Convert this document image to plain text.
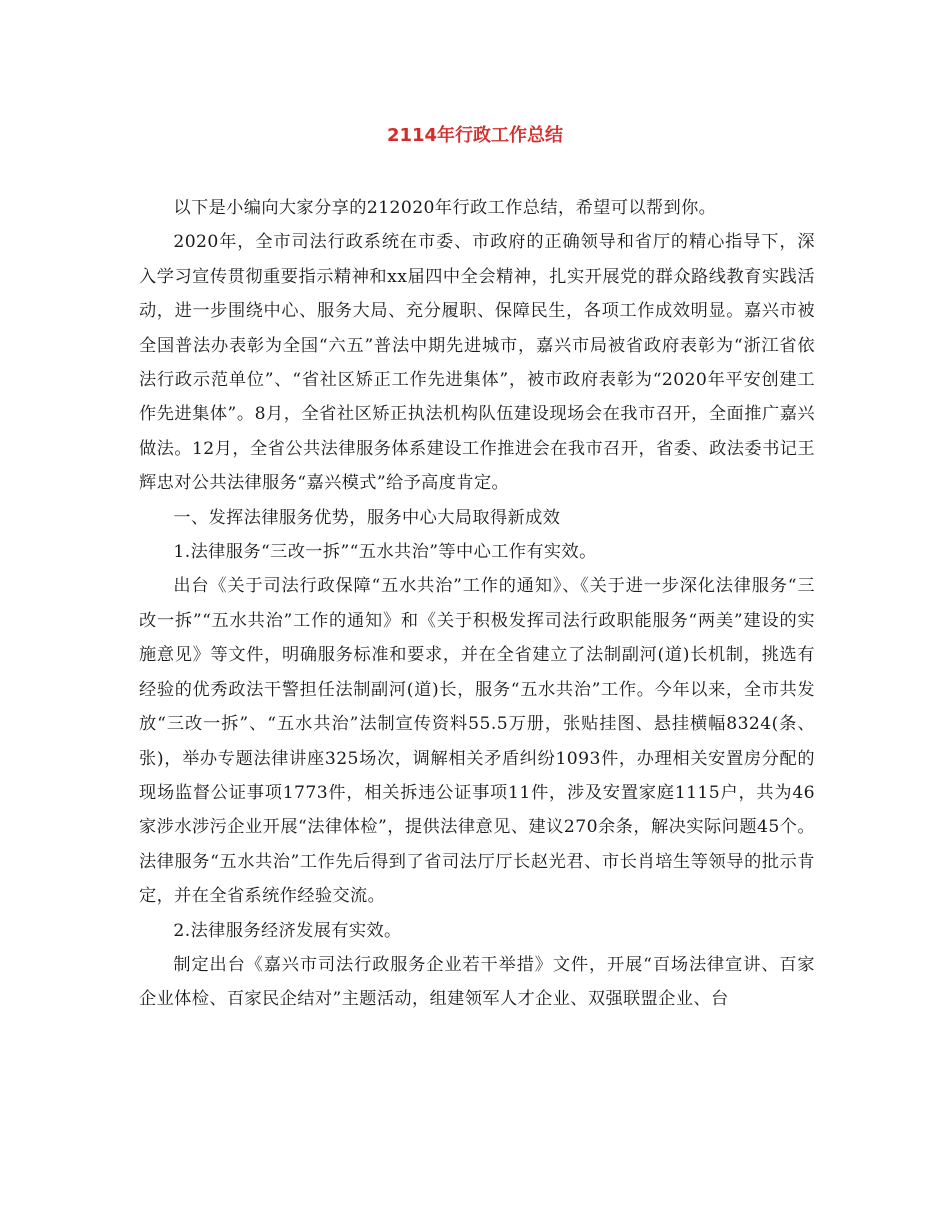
2114年行政工作总结

以下是小编向大家分享的212020年行政工作总结，希望可以帮到你。

2020年，全市司法行政系统在市委、市政府的正确领导和省厅的精心指导下，深入学习宣传贯彻重要指示精神和xx届四中全会精神，扎实开展党的群众路线教育实践活动，进一步围绕中心、服务大局、充分履职、保障民生，各项工作成效明显。嘉兴市被全国普法办表彰为全国“六五”普法中期先进城市，嘉兴市局被省政府表彰为“浙江省依法行政示范单位”、“省社区矫正工作先进集体”，被市政府表彰为“2020年平安创建工作先进集体”。8月，全省社区矫正执法机构队伍建设现场会在我市召开，全面推广嘉兴做法。12月，全省公共法律服务体系建设工作推进会在我市召开，省委、政法委书记王辉忠对公共法律服务“嘉兴模式”给予高度肯定。

一、发挥法律服务优势，服务中心大局取得新成效

1.法律服务“三改一拆”“五水共治”等中心工作有实效。

出台《关于司法行政保障“五水共治”工作的通知》、《关于进一步深化法律服务“三改一拆”“五水共治”工作的通知》和《关于积极发挥司法行政职能服务“两美”建设的实施意见》等文件，明确服务标准和要求，并在全省建立了法制副河(道)长机制，挑选有经验的优秀政法干警担任法制副河(道)长，服务“五水共治”工作。今年以来，全市共发放“三改一拆”、“五水共治”法制宣传资料55.5万册，张贴挂图、悬挂横幅8324(条、张)，举办专题法律讲座325场次，调解相关矛盾纠纷1093件，办理相关安置房分配的现场监督公证事项1773件，相关拆违公证事项11件，涉及安置家庭1115户，共为46家涉水涉污企业开展“法律体检”，提供法律意见、建议270余条，解决实际问题45个。法律服务“五水共治”工作先后得到了省司法厅厅长赵光君、市长肖培生等领导的批示肯定，并在全省系统作经验交流。

2.法律服务经济发展有实效。

制定出台《嘉兴市司法行政服务企业若干举措》文件，开展“百场法律宣讲、百家企业体检、百家民企结对”主题活动，组建领军人才企业、双强联盟企业、台
